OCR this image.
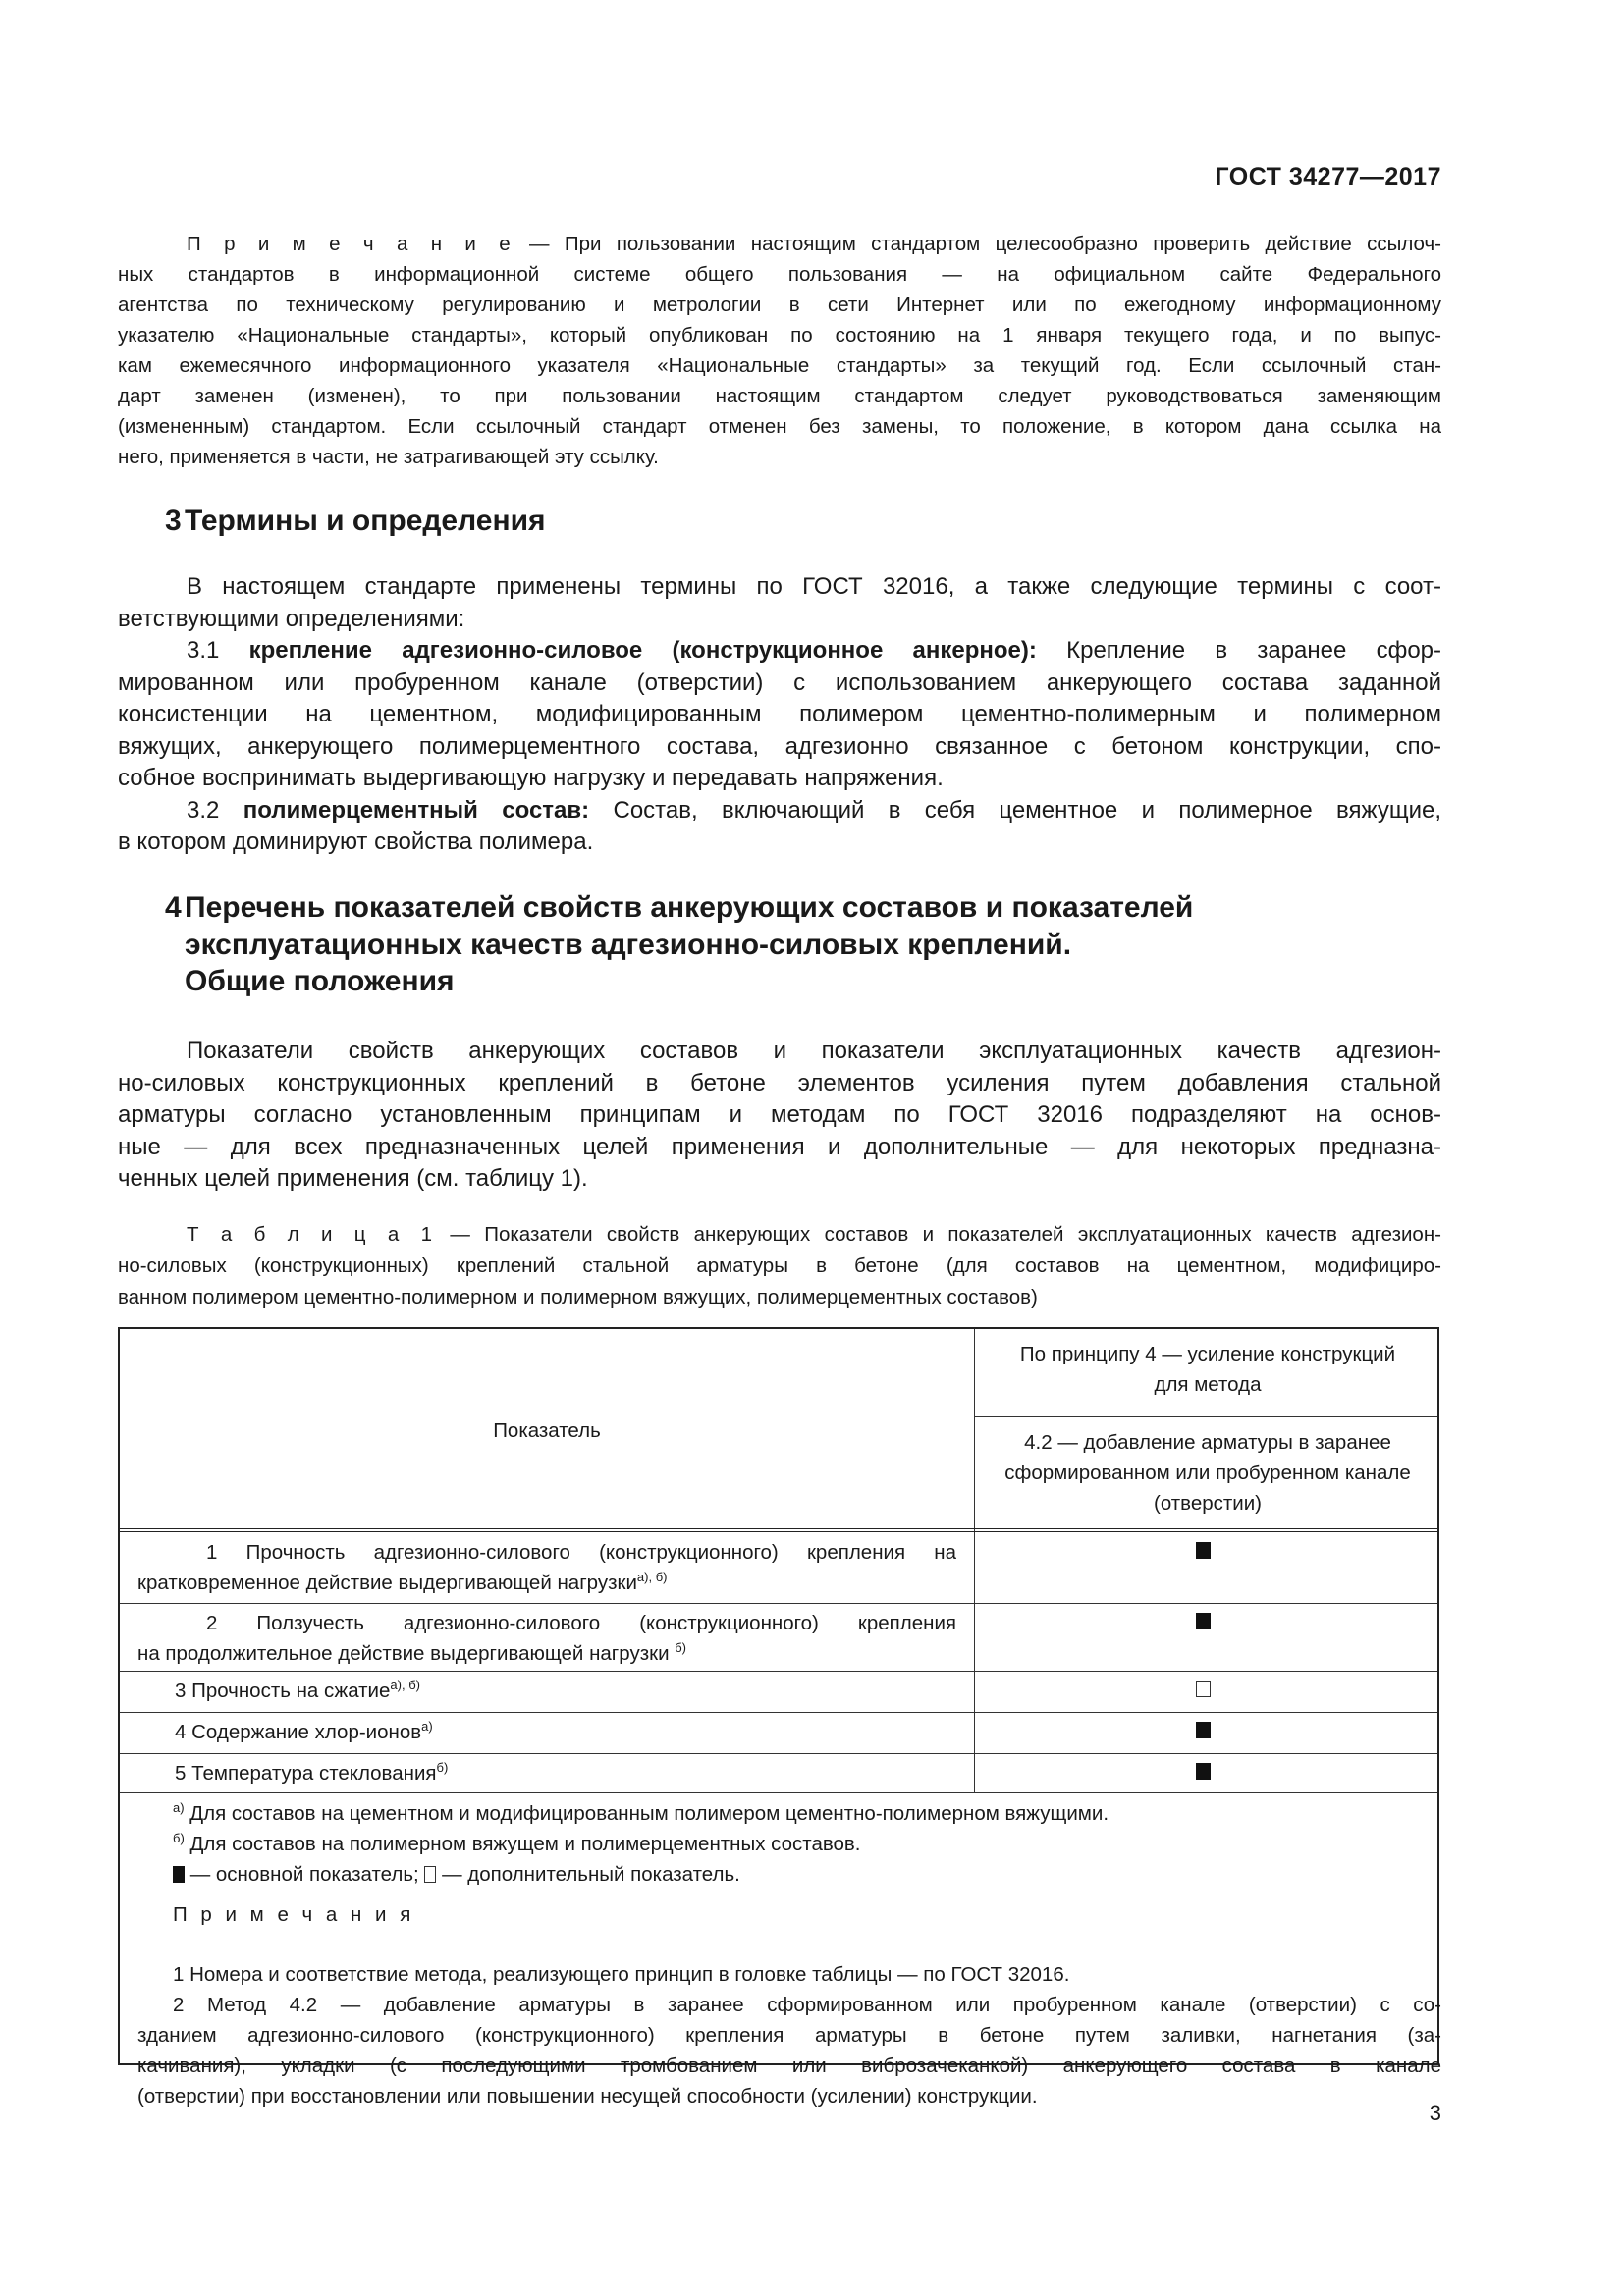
ГОСТ 34277—2017
П р и м е ч а н и е — При пользовании настоящим стандартом целесообразно проверить действие ссылоч-
ных стандартов в информационной системе общего пользования — на официальном сайте Федерального
агентства по техническому регулированию и метрологии в сети Интернет или по ежегодному информационному
указателю «Национальные стандарты», который опубликован по состоянию на 1 января текущего года, и по выпус-
кам ежемесячного информационного указателя «Национальные стандарты» за текущий год. Если ссылочный стан-
дарт заменен (изменен), то при пользовании настоящим стандартом следует руководствоваться заменяющим
(измененным) стандартом. Если ссылочный стандарт отменен без замены, то положение, в котором дана ссылка на
него, применяется в части, не затрагивающей эту ссылку.
3 Термины и определения
В настоящем стандарте применены термины по ГОСТ 32016, а также следующие термины с соот-
ветствующими определениями:
3.1 крепление адгезионно-силовое (конструкционное анкерное): Крепление в заранее сфор-
мированном или пробуренном канале (отверстии) с использованием анкерующего состава заданной
консистенции на цементном, модифицированным полимером цементно-полимерным и полимерном
вяжущих, анкерующего полимерцементного состава, адгезионно связанное с бетоном конструкции, спо-
собное воспринимать выдергивающую нагрузку и передавать напряжения.
3.2 полимерцементный состав: Состав, включающий в себя цементное и полимерное вяжущие,
в котором доминируют свойства полимера.
4 Перечень показателей свойств анкерующих составов и показателей
эксплуатационных качеств адгезионно-силовых креплений.
Общие положения
Показатели свойств анкерующих составов и показатели эксплуатационных качеств адгезион-
но-силовых конструкционных креплений в бетоне элементов усиления путем добавления стальной
арматуры согласно установленным принципам и методам по ГОСТ 32016 подразделяют на основ-
ные — для всех предназначенных целей применения и дополнительные — для некоторых предназна-
ченных целей применения (см. таблицу 1).
Т а б л и ц а 1 — Показатели свойств анкерующих составов и показателей эксплуатационных качеств адгезион-
но-силовых (конструкционных) креплений стальной арматуры в бетоне (для составов на цементном, модифициро-
ванном полимером цементно-полимерном и полимерном вяжущих, полимерцементных составов)
Показатель
По принципу 4 — усиление конструкций
для метода
4.2 — добавление арматуры в заранее
сформированном или пробуренном канале
(отверстии)
1 Прочность адгезионно-силового (конструкционного) крепления на
кратковременное действие выдергивающей нагрузки$^{а), б)}$
2 Ползучесть адгезионно-силового (конструкционного) крепления
на продолжительное действие выдергивающей нагрузки $^{б)}$
3 Прочность на сжатие$^{а), б)}$
4 Содержание хлор-ионов$^{а)}$
5 Температура стеклования$^{б)}$
$^{а)}$ Для составов на цементном и модифицированным полимером цементно-полимерном вяжущими.
$^{б)}$ Для составов на полимерном вяжущем и полимерцементных составов.
— основной показатель; — дополнительный показатель.
П р и м е ч а н и я
1 Номера и соответствие метода, реализующего принцип в головке таблицы — по ГОСТ 32016.
2 Метод 4.2 — добавление арматуры в заранее сформированном или пробуренном канале (отверстии) с со-
зданием адгезионно-силового (конструкционного) крепления арматуры в бетоне путем заливки, нагнетания (за-
качивания), укладки (с последующими тромбованием или виброзачеканкой) анкерующего состава в канале
(отверстии) при восстановлении или повышении несущей способности (усилении) конструкции.
3
